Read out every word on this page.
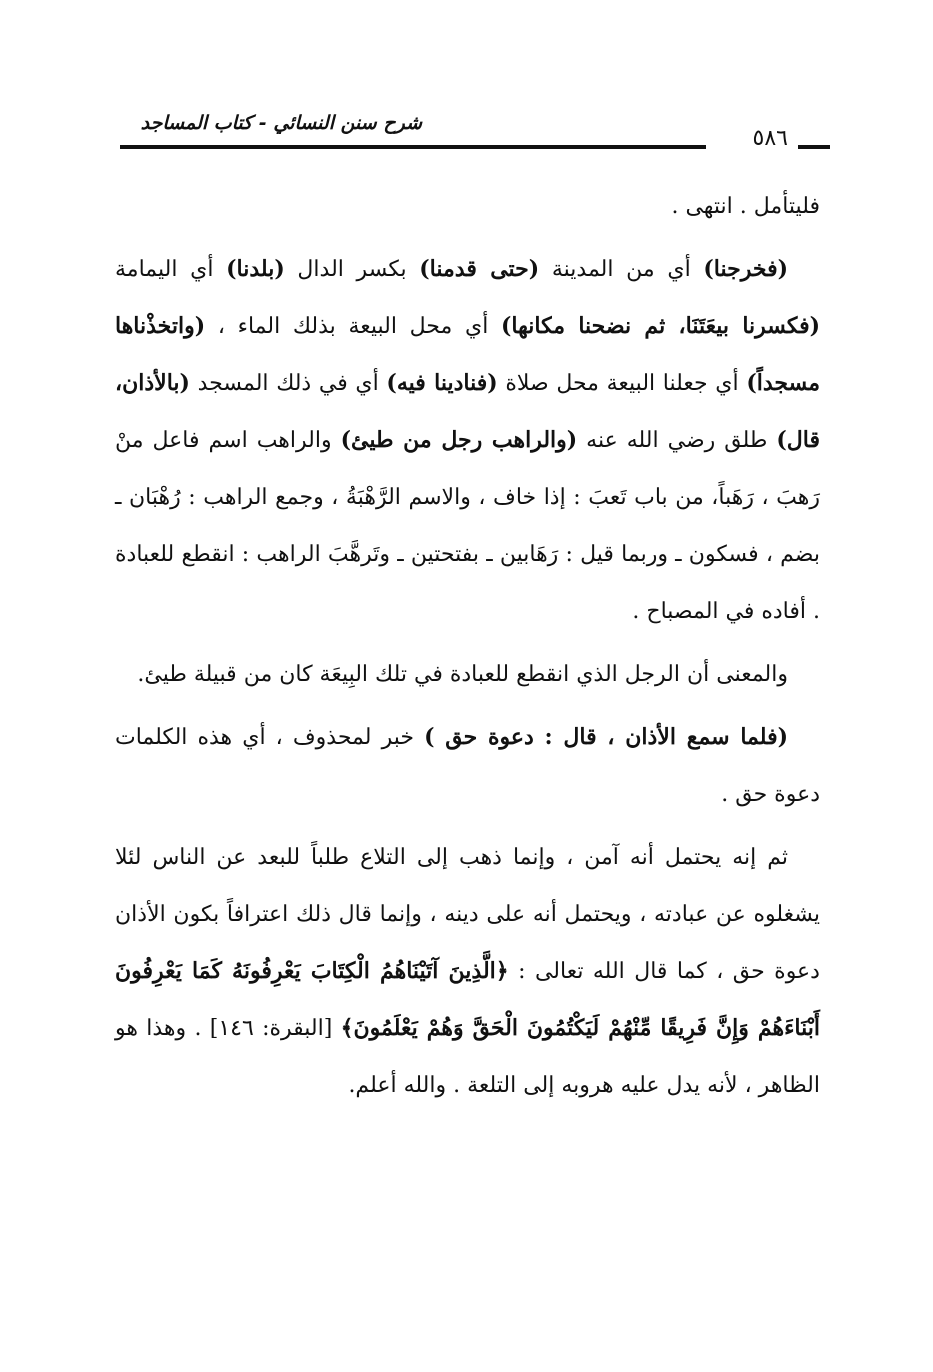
شرح سنن النسائي - كتاب المساجد
٥٨٦

فليتأمل . انتهى .

(فخرجنا) أي من المدينة (حتى قدمنا) بكسر الدال (بلدنا) أي اليمامة (فكسرنا بيعَتَنَا، ثم نضحنا مكانها) أي محل البيعة بذلك الماء ، (واتخذْناها مسجداً) أي جعلنا البيعة محل صلاة (فنادينا فيه) أي في ذلك المسجد (بالأذان، قال) طلق رضي الله عنه (والراهب رجل من طيئ) والراهب اسم فاعل منْ رَهبَ ، رَهَباً، من باب تَعبَ : إذا خاف ، والاسم الرَّهْبَةُ ، وجمع الراهب : رُهْبَان ـ بضم ، فسكون ـ وربما قيل : رَهَابين ـ بفتحتين ـ وتَرهَّبَ الراهب : انقطع للعبادة . أفاده في المصباح .

والمعنى أن الرجل الذي انقطع للعبادة في تلك البِيعَة كان من قبيلة طيئ.

(فلما سمع الأذان ، قال : دعوة حق ) خبر لمحذوف ، أي هذه الكلمات دعوة حق .

ثم إنه يحتمل أنه آمن ، وإنما ذهب إلى التلاع طلباً للبعد عن الناس لئلا يشغلوه عن عبادته ، ويحتمل أنه على دينه ، وإنما قال ذلك اعترافاً بكون الأذان دعوة حق ، كما قال الله تعالى : ﴿الَّذِينَ آتَيْنَاهُمُ الْكِتَابَ يَعْرِفُونَهُ كَمَا يَعْرِفُونَ أَبْنَاءَهُمْ وَإِنَّ فَرِيقًا مِّنْهُمْ لَيَكْتُمُونَ الْحَقَّ وَهُمْ يَعْلَمُونَ﴾ [البقرة: ١٤٦] . وهذا هو الظاهر ، لأنه يدل عليه هروبه إلى التلعة . والله أعلم.
